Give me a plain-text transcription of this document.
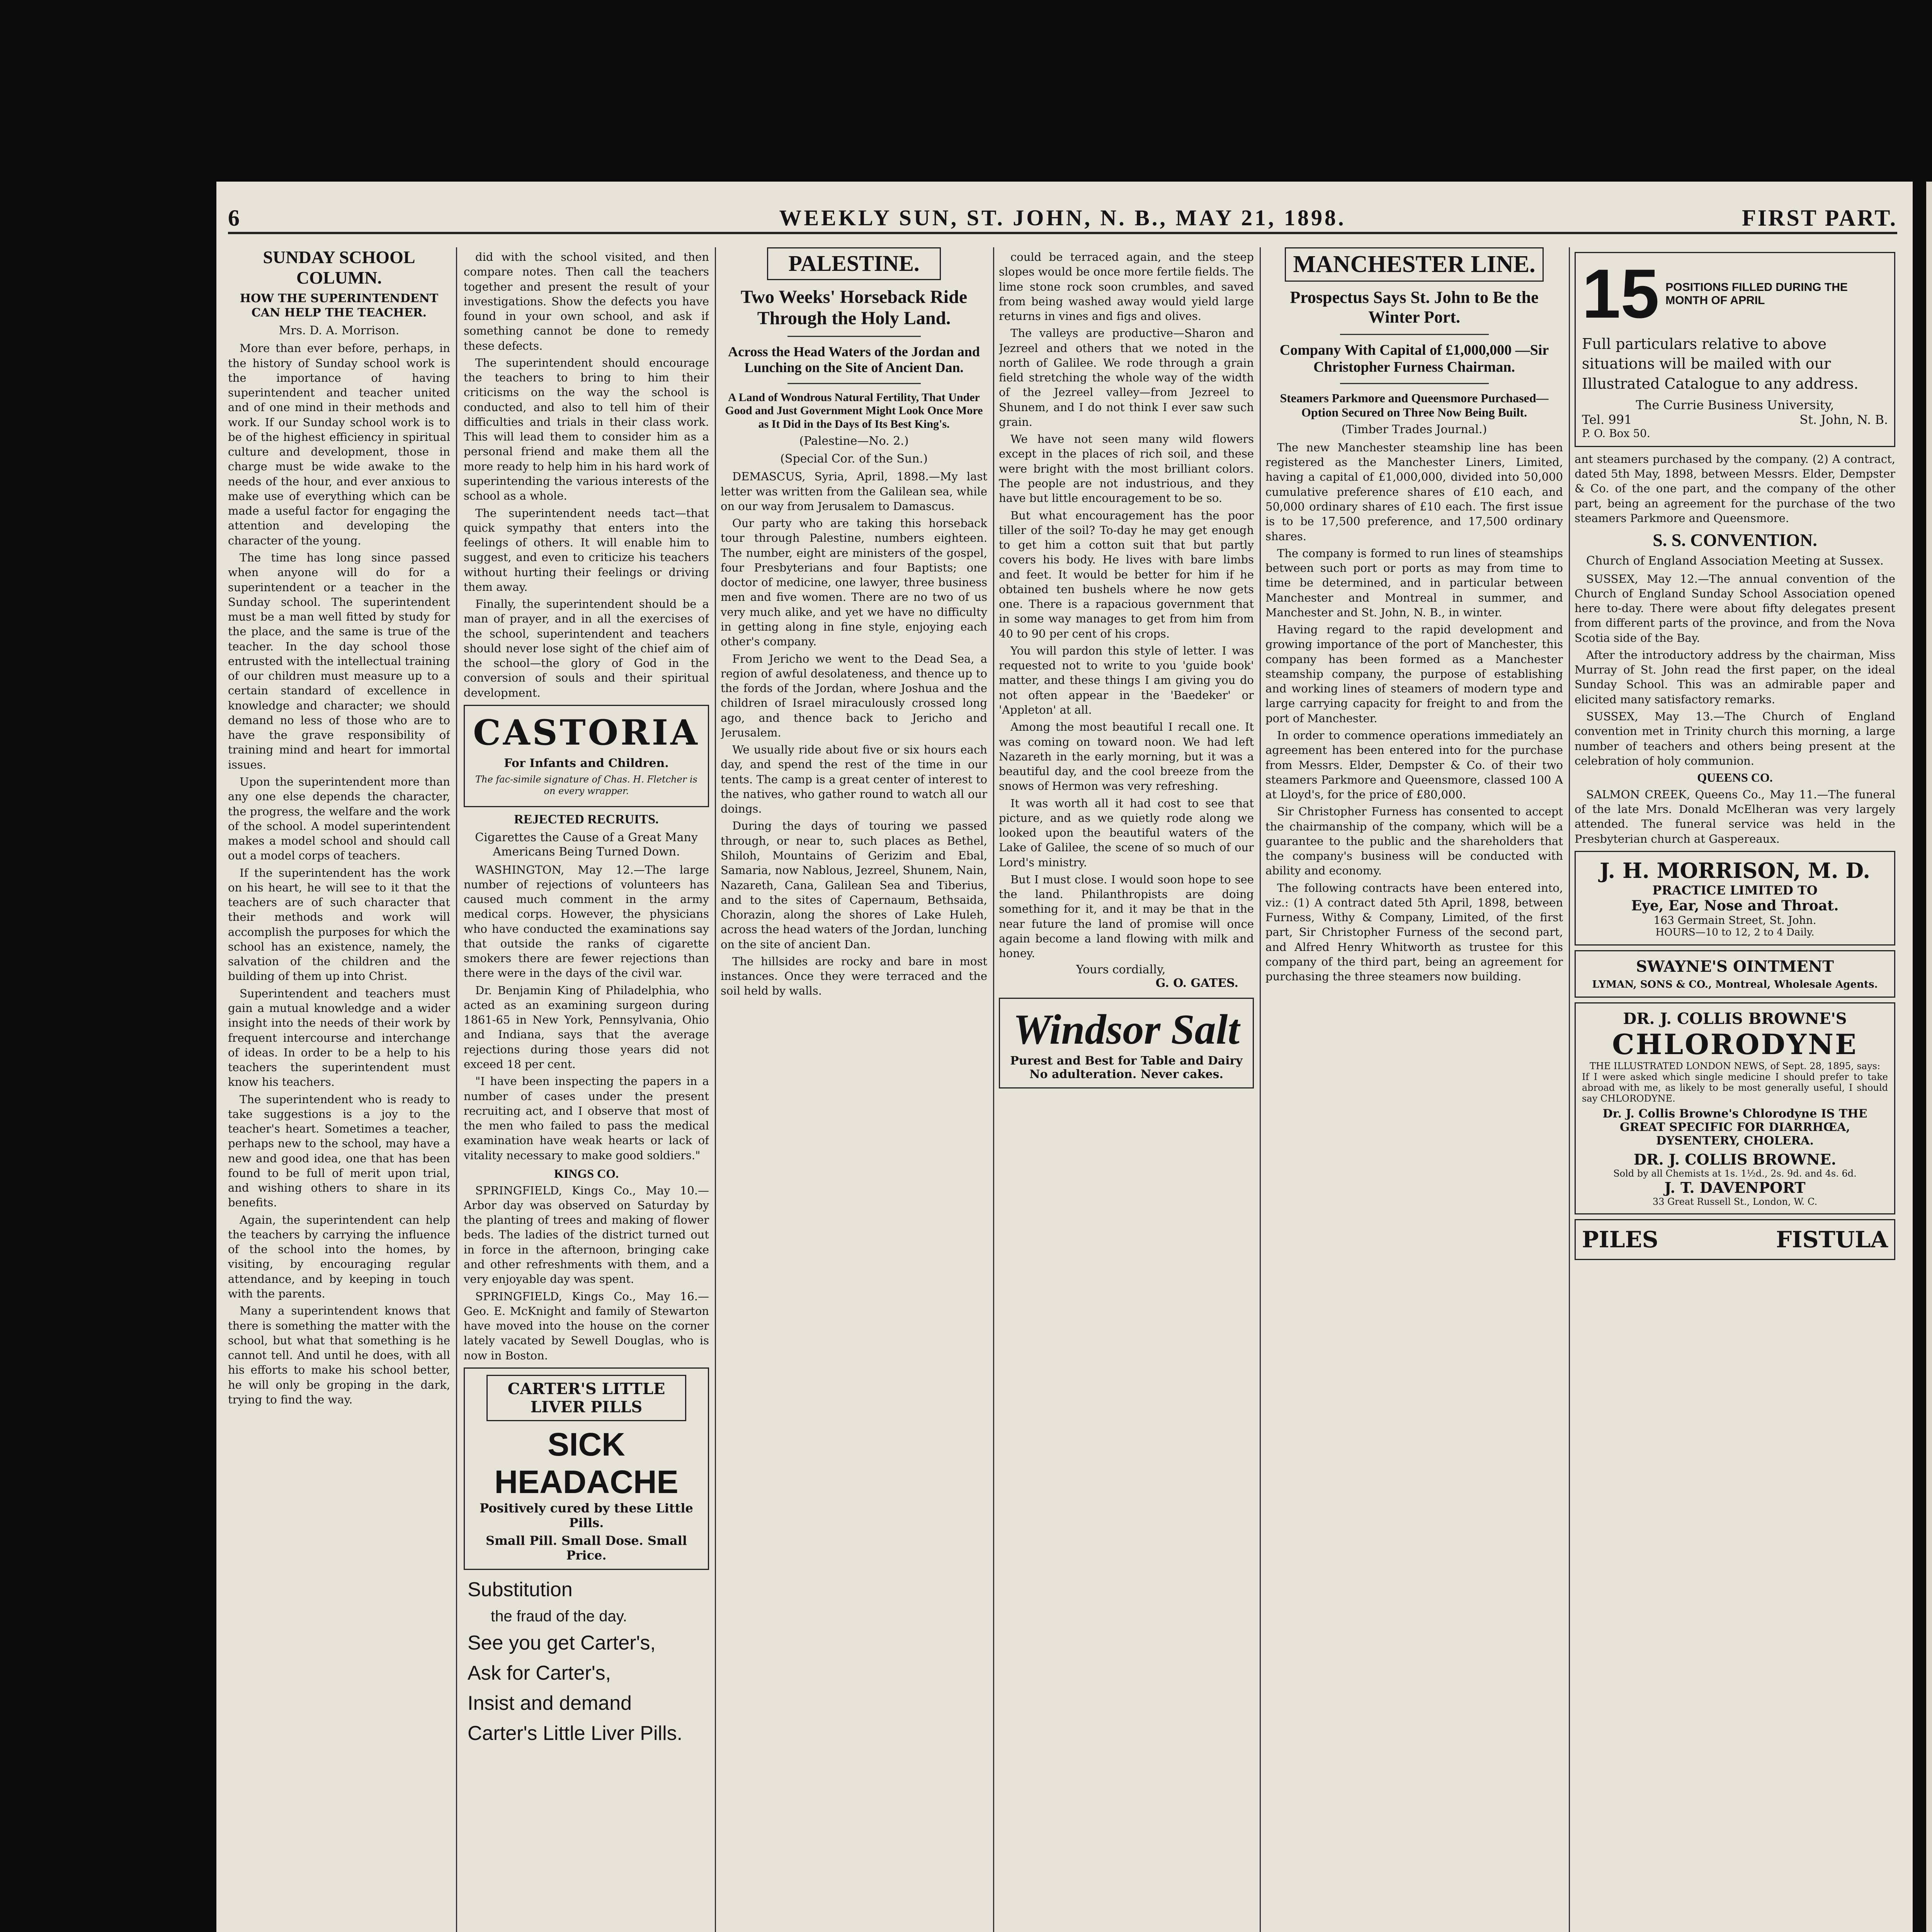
6	WEEKLY SUN, ST. JOHN, N. B., MAY 21, 1898.	FIRST PART.
SUNDAY SCHOOL COLUMN.
HOW THE SUPERINTENDENT CAN HELP THE TEACHER.
Mrs. D. A. Morrison.

More than ever before, perhaps, in the history of Sunday school work is the importance of having superintendent and teacher united and of one mind in their methods and work. If our Sunday school work is to be of the highest efficiency in spiritual culture and development, those in charge must be wide awake to the needs of the hour, and ever anxious to make use of everything which can be made a useful factor for engaging the attention and developing the character of the young.

The time has long since passed when anyone will do for a superintendent or a teacher in the Sunday school. The superintendent must be a man well fitted by study for the place, and the same is true of the teacher. In the day school those entrusted with the intellectual training of our children must measure up to a certain standard of excellence in knowledge and character; we should demand no less of those who are to have the grave responsibility of training mind and heart for immortal issues.

Upon the superintendent more than any one else depends the character, the progress, the welfare and the work of the school. A model superintendent makes a model school and should call out a model corps of teachers.

If the superintendent has the work on his heart, he will see to it that the teachers are of such character that their methods and work will accomplish the purposes for which the school has an existence, namely, the salvation of the children and the building of them up into Christ.

Superintendent and teachers must gain a mutual knowledge and a wider insight into the needs of their work by frequent intercourse and interchange of ideas. In order to be a help to his teachers the superintendent must know his teachers.

The superintendent who is ready to take suggestions is a joy to the teacher's heart. Sometimes a teacher, perhaps new to the school, may have a new and good idea, one that has been found to be full of merit upon trial, and wishing others to share in its benefits.

Again, the superintendent can help the teachers by carrying the influence of the school into the homes, by visiting, by encouraging regular attendance, and by keeping in touch with the parents.

Many a superintendent knows that there is something the matter with the school, but what that something is he cannot tell. And until he does, with all his efforts to make his school better, he will only be groping in the dark, trying to find the way.

did with the school visited, and then compare notes. Then call the teachers together and present the result of your investigations. Show the defects you have found in your own school, and ask if something cannot be done to remedy these defects.

The superintendent should encourage the teachers to bring to him their criticisms on the way the school is conducted, and also to tell him of their difficulties and trials in their class work. This will lead them to consider him as a personal friend and make them all the more ready to help him in his hard work of superintending the various interests of the school as a whole.

The superintendent needs tact—that quick sympathy that enters into the feelings of others. It will enable him to suggest, and even to criticize his teachers without hurting their feelings or driving them away.

Finally, the superintendent should be a man of prayer, and in all the exercises of the school, superintendent and teachers should never lose sight of the chief aim of the school—the glory of God in the conversion of souls and their spiritual development.

CASTORIA
For Infants and Children.
The fac-simile signature of Chas. H. Fletcher is on every wrapper.
REJECTED RECRUITS.
Cigarettes the Cause of a Great Many Americans Being Turned Down.

WASHINGTON, May 12.—The large number of rejections of volunteers has caused much comment in the army medical corps. However, the physicians who have conducted the examinations say that outside the ranks of cigarette smokers there are fewer rejections than there were in the days of the civil war.

Dr. Benjamin King of Philadelphia, who acted as an examining surgeon during 1861-65 in New York, Pennsylvania, Ohio and Indiana, says that the average rejections during those years did not exceed 18 per cent.

"I have been inspecting the papers in a number of cases under the present recruiting act, and I observe that most of the men who failed to pass the medical examination have weak hearts or lack of vitality necessary to make good soldiers."

KINGS CO.

SPRINGFIELD, Kings Co., May 10.—Arbor day was observed on Saturday by the planting of trees and making of flower beds. The ladies of the district turned out in force in the afternoon, bringing cake and other refreshments with them, and a very enjoyable day was spent.

SPRINGFIELD, Kings Co., May 16.—Geo. E. McKnight and family of Stewarton have moved into the house on the corner lately vacated by Sewell Douglas, who is now in Boston.

CARTER'S LITTLE LIVER PILLS
SICK HEADACHE
Positively cured by these Little Pills.
Small Pill. Small Dose. Small Price.
Substitution
the fraud of the day.
See you get Carter's,
Ask for Carter's,
Insist and demand
Carter's Little Liver Pills.
PALESTINE.
Two Weeks' Horseback Ride Through the Holy Land.
Across the Head Waters of the Jordan and Lunching on the Site of Ancient Dan.
A Land of Wondrous Natural Fertility, That Under Good and Just Government Might Look Once More as It Did in the Days of Its Best King's.
(Palestine—No. 2.)
(Special Cor. of the Sun.)

DEMASCUS, Syria, April, 1898.—My last letter was written from the Galilean sea, while on our way from Jerusalem to Damascus.

Our party who are taking this horseback tour through Palestine, numbers eighteen. The number, eight are ministers of the gospel, four Presbyterians and four Baptists; one doctor of medicine, one lawyer, three business men and five women. There are no two of us very much alike, and yet we have no difficulty in getting along in fine style, enjoying each other's company.

From Jericho we went to the Dead Sea, a region of awful desolateness, and thence up to the fords of the Jordan, where Joshua and the children of Israel miraculously crossed long ago, and thence back to Jericho and Jerusalem.

We usually ride about five or six hours each day, and spend the rest of the time in our tents. The camp is a great center of interest to the natives, who gather round to watch all our doings.

During the days of touring we passed through, or near to, such places as Bethel, Shiloh, Mountains of Gerizim and Ebal, Samaria, now Nablous, Jezreel, Shunem, Nain, Nazareth, Cana, Galilean Sea and Tiberius, and to the sites of Capernaum, Bethsaida, Chorazin, along the shores of Lake Huleh, across the head waters of the Jordan, lunching on the site of ancient Dan.

The hillsides are rocky and bare in most instances. Once they were terraced and the soil held by walls.

could be terraced again, and the steep slopes would be once more fertile fields. The lime stone rock soon crumbles, and saved from being washed away would yield large returns in vines and figs and olives.

The valleys are productive—Sharon and Jezreel and others that we noted in the north of Galilee. We rode through a grain field stretching the whole way of the width of the Jezreel valley—from Jezreel to Shunem, and I do not think I ever saw such grain.

We have not seen many wild flowers except in the places of rich soil, and these were bright with the most brilliant colors. The people are not industrious, and they have but little encouragement to be so.

But what encouragement has the poor tiller of the soil? To-day he may get enough to get him a cotton suit that but partly covers his body. He lives with bare limbs and feet. It would be better for him if he obtained ten bushels where he now gets one. There is a rapacious government that in some way manages to get from him from 40 to 90 per cent of his crops.

You will pardon this style of letter. I was requested not to write to you 'guide book' matter, and these things I am giving you do not often appear in the 'Baedeker' or 'Appleton' at all.

Among the most beautiful I recall one. It was coming on toward noon. We had left Nazareth in the early morning, but it was a beautiful day, and the cool breeze from the snows of Hermon was very refreshing.

It was worth all it had cost to see that picture, and as we quietly rode along we looked upon the beautiful waters of the Lake of Galilee, the scene of so much of our Lord's ministry.

But I must close. I would soon hope to see the land. Philanthropists are doing something for it, and it may be that in the near future the land of promise will once again become a land flowing with milk and honey.

Yours cordially,
G. O. GATES.
Windsor Salt
Purest and Best for Table and Dairy
No adulteration. Never cakes.
MANCHESTER LINE.
Prospectus Says St. John to Be the Winter Port.
Company With Capital of £1,000,000 —Sir Christopher Furness Chairman.
Steamers Parkmore and Queensmore Purchased—Option Secured on Three Now Being Built.
(Timber Trades Journal.)

The new Manchester steamship line has been registered as the Manchester Liners, Limited, having a capital of £1,000,000, divided into 50,000 cumulative preference shares of £10 each, and 50,000 ordinary shares of £10 each. The first issue is to be 17,500 preference, and 17,500 ordinary shares.

The company is formed to run lines of steamships between such port or ports as may from time to time be determined, and in particular between Manchester and Montreal in summer, and Manchester and St. John, N. B., in winter.

Having regard to the rapid development and growing importance of the port of Manchester, this company has been formed as a Manchester steamship company, the purpose of establishing and working lines of steamers of modern type and large carrying capacity for freight to and from the port of Manchester.

In order to commence operations immediately an agreement has been entered into for the purchase from Messrs. Elder, Dempster & Co. of their two steamers Parkmore and Queensmore, classed 100 A at Lloyd's, for the price of £80,000.

Sir Christopher Furness has consented to accept the chairmanship of the company, which will be a guarantee to the public and the shareholders that the company's business will be conducted with ability and economy.

The following contracts have been entered into, viz.: (1) A contract dated 5th April, 1898, between Furness, Withy & Company, Limited, of the first part, Sir Christopher Furness of the second part, and Alfred Henry Whitworth as trustee for this company of the third part, being an agreement for purchasing the three steamers now building.

15 POSITIONS FILLED DURING THE MONTH OF APRIL
Full particulars relative to above situations will be mailed with our Illustrated Catalogue to any address.
The Currie Business University,
Tel. 991	St. John, N. B.
P. O. Box 50.

ant steamers purchased by the company. (2) A contract, dated 5th May, 1898, between Messrs. Elder, Dempster & Co. of the one part, and the company of the other part, being an agreement for the purchase of the two steamers Parkmore and Queensmore.

S. S. CONVENTION.
Church of England Association Meeting at Sussex.

SUSSEX, May 12.—The annual convention of the Church of England Sunday School Association opened here to-day. There were about fifty delegates present from different parts of the province, and from the Nova Scotia side of the Bay.

After the introductory address by the chairman, Miss Murray of St. John read the first paper, on the ideal Sunday School. This was an admirable paper and elicited many satisfactory remarks.

SUSSEX, May 13.—The Church of England convention met in Trinity church this morning, a large number of teachers and others being present at the celebration of holy communion.

QUEENS CO.

SALMON CREEK, Queens Co., May 11.—The funeral of the late Mrs. Donald McElheran was very largely attended. The funeral service was held in the Presbyterian church at Gaspereaux.

J. H. MORRISON, M. D.
PRACTICE LIMITED TO
Eye, Ear, Nose and Throat.
163 Germain Street, St. John.
HOURS—10 to 12, 2 to 4 Daily.
SWAYNE'S OINTMENT
LYMAN, SONS & CO., Montreal, Wholesale Agents.
DR. J. COLLIS BROWNE'S
CHLORODYNE
THE ILLUSTRATED LONDON NEWS, of Sept. 28, 1895, says:
If I were asked which single medicine I should prefer to take abroad with me, as likely to be most generally useful, I should say CHLORODYNE.
Dr. J. Collis Browne's Chlorodyne IS THE GREAT SPECIFIC FOR DIARRHŒA, DYSENTERY, CHOLERA.
DR. J. COLLIS BROWNE.
Sold by all Chemists at 1s. 1½d., 2s. 9d. and 4s. 6d.
J. T. DAVENPORT
33 Great Russell St., London, W. C.
PILES	FISTULA
